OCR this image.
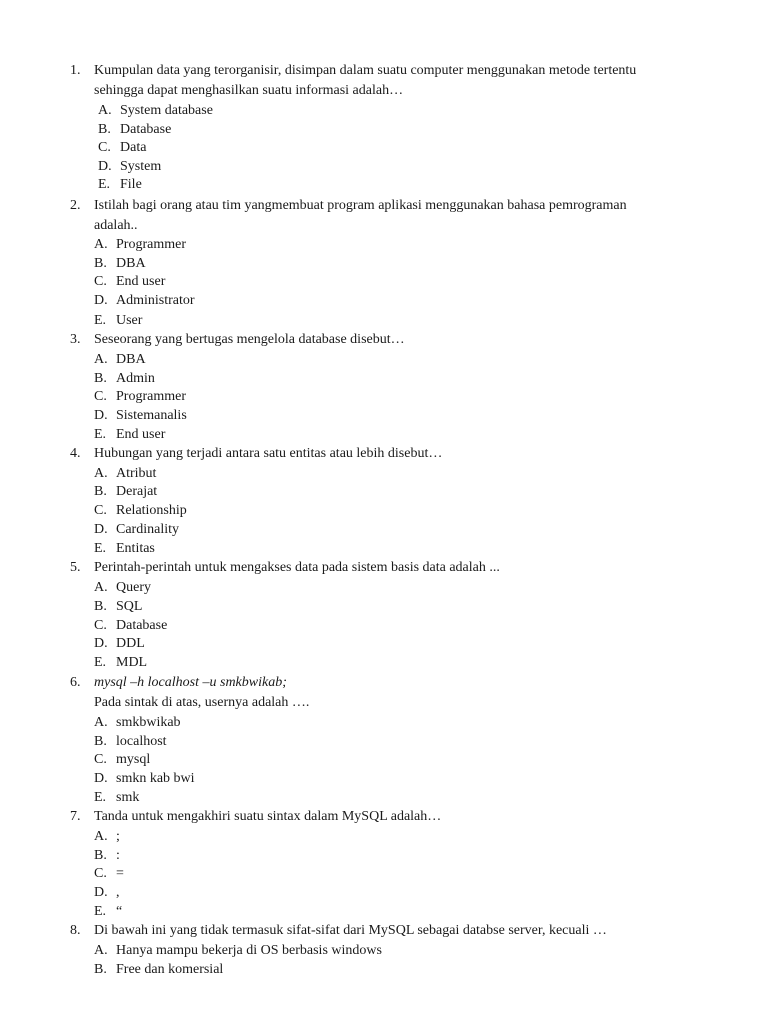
1. Kumpulan data yang terorganisir, disimpan dalam suatu computer menggunakan metode tertentu
sehingga dapat menghasilkan suatu informasi adalah…
A. System database
B. Database
C. Data
D. System
E. File
2. Istilah bagi orang atau tim yangmembuat program aplikasi menggunakan bahasa pemrograman
adalah..
A. Programmer
B. DBA
C. End user
D. Administrator
E. User
3. Seseorang yang bertugas mengelola database disebut…
A. DBA
B. Admin
C. Programmer
D. Sistemanalis
E. End user
4. Hubungan yang terjadi antara satu entitas atau lebih disebut…
A. Atribut
B. Derajat
C. Relationship
D. Cardinality
E. Entitas
5. Perintah-perintah untuk mengakses data pada sistem basis data adalah ...
A. Query
B. SQL
C. Database
D. DDL
E. MDL
6. mysql –h localhost –u smkbwikab;
Pada sintak di atas, usernya adalah ….
A. smkbwikab
B. localhost
C. mysql
D. smkn kab bwi
E. smk
7. Tanda untuk mengakhiri suatu sintax dalam MySQL adalah…
A. ;
B. :
C. =
D. ,
E. “
8. Di bawah ini yang tidak termasuk sifat-sifat dari MySQL sebagai databse server, kecuali …
A. Hanya mampu bekerja di OS berbasis windows
B. Free dan komersial
